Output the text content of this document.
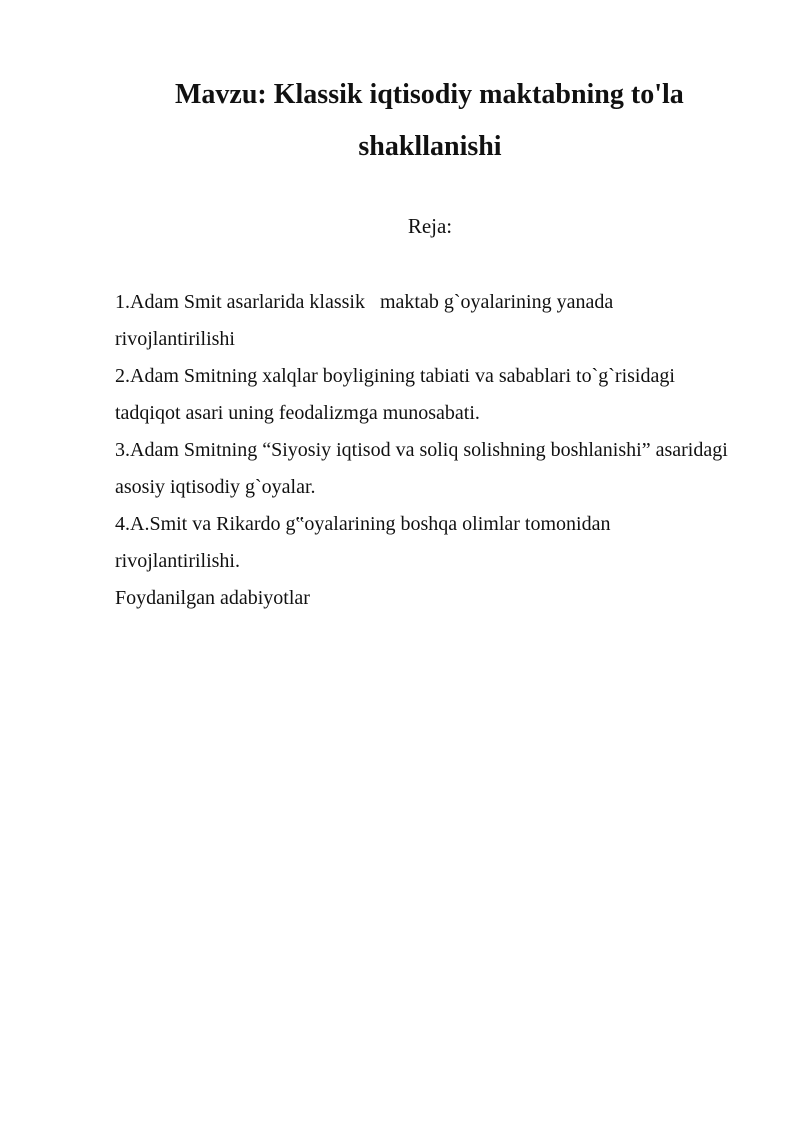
Mavzu: Klassik iqtisodiy maktabning to'la
shakllanishi
Reja:

1.Adam Smit asarlarida klassik   maktab g`oyalarining yanada rivojlantirilishi

2.Adam Smitning xalqlar boyligining tabiati va sabablari to`g`risidagi tadqiqot asari uning feodalizmga munosabati.

3.Adam Smitning “Siyosiy iqtisod va soliq solishning boshlanishi” asaridagi asosiy iqtisodiy g`oyalar.

4.A.Smit va Rikardo g‟oyalarining boshqa olimlar tomonidan rivojlantirilishi.

Foydanilgan adabiyotlar
